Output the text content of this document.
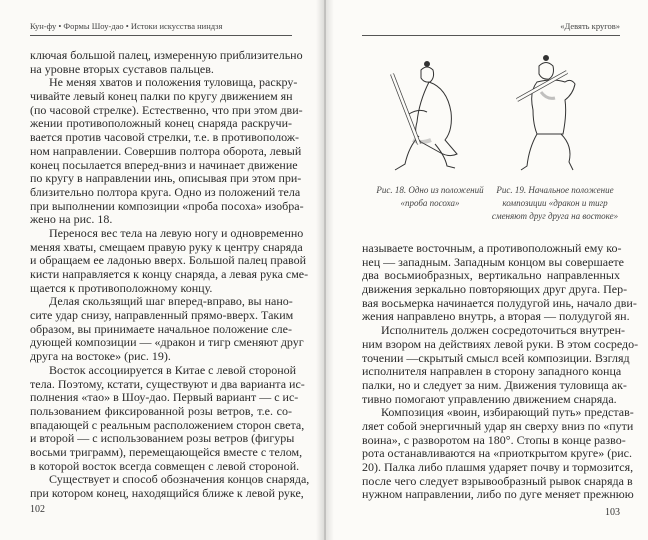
Кун-фу • Формы Шоу-дао • Истоки искусства ниндзя
ключая большой палец, измеренную приблизительно
на уровне вторых суставов пальцев.
Не меняя хватов и положения туловища, раскру-
чивайте левый конец палки по кругу движением ян
(по часовой стрелке). Естественно, что при этом дви-
жении противоположный конец снаряда раскручи-
вается против часовой стрелки, т.е. в противополож-
ном направлении. Совершив полтора оборота, левый
конец посылается вперед-вниз и начинает движение
по кругу в направлении инь, описывая при этом при-
близительно полтора круга. Одно из положений тела
при выполнении композиции «проба посоха» изобра-
жено на рис. 18.
Перенося вес тела на левую ногу и одновременно
меняя хваты, смещаем правую руку к центру снаряда
и обращаем ее ладонью вверх. Большой палец правой
кисти направляется к концу снаряда, а левая рука сме-
щается к противоположному концу.
Делая скользящий шаг вперед-вправо, вы нано-
сите удар снизу, направленный прямо-вверх. Таким
образом, вы принимаете начальное положение сле-
дующей композиции — «дракон и тигр сменяют друг
друга на востоке» (рис. 19).
Восток ассоциируется в Китае с левой стороной
тела. Поэтому, кстати, существуют и два варианта ис-
полнения «тао» в Шоу-дао. Первый вариант — с ис-
пользованием фиксированной розы ветров, т.е. со-
впадающей с реальным расположением сторон света,
и второй — с использованием розы ветров (фигуры
восьми триграмм), перемещающейся вместе с телом,
в которой восток всегда совмещен с левой стороной.
Существует и способ обозначения концов снаряда,
при котором конец, находящийся ближе к левой руке,
102
«Девять кругов»
Рис. 18. Одно из положений
«проба посоха»
Рис. 19. Начальное положение
композиции «дракон и тигр
сменяют друг друга на востоке»
называете восточным, а противоположный ему ко-
нец — западным. Западным концом вы совершаете
два восьмиобразных, вертикально направленных
движения зеркально повторяющих друг друга. Пер-
вая восьмерка начинается полудугой инь, начало дви-
жения направлено внутрь, а вторая — полудугой ян.
Исполнитель должен сосредоточиться внутрен-
ним взором на действиях левой руки. В этом сосредо-
точении —скрытый смысл всей композиции. Взгляд
исполнителя направлен в сторону западного конца
палки, но и следует за ним. Движения туловища ак-
тивно помогают управлению движением снаряда.
Композиция «воин, избирающий путь» представ-
ляет собой энергичный удар ян сверху вниз по «пути
воина», с разворотом на 180°. Стопы в конце разво-
рота останавливаются на «приоткрытом круге» (рис.
20). Палка либо плашмя ударяет почву и тормозится,
после чего следует взрывообразный рывок снаряда в
нужном направлении, либо по дуге меняет прежнюю
103
